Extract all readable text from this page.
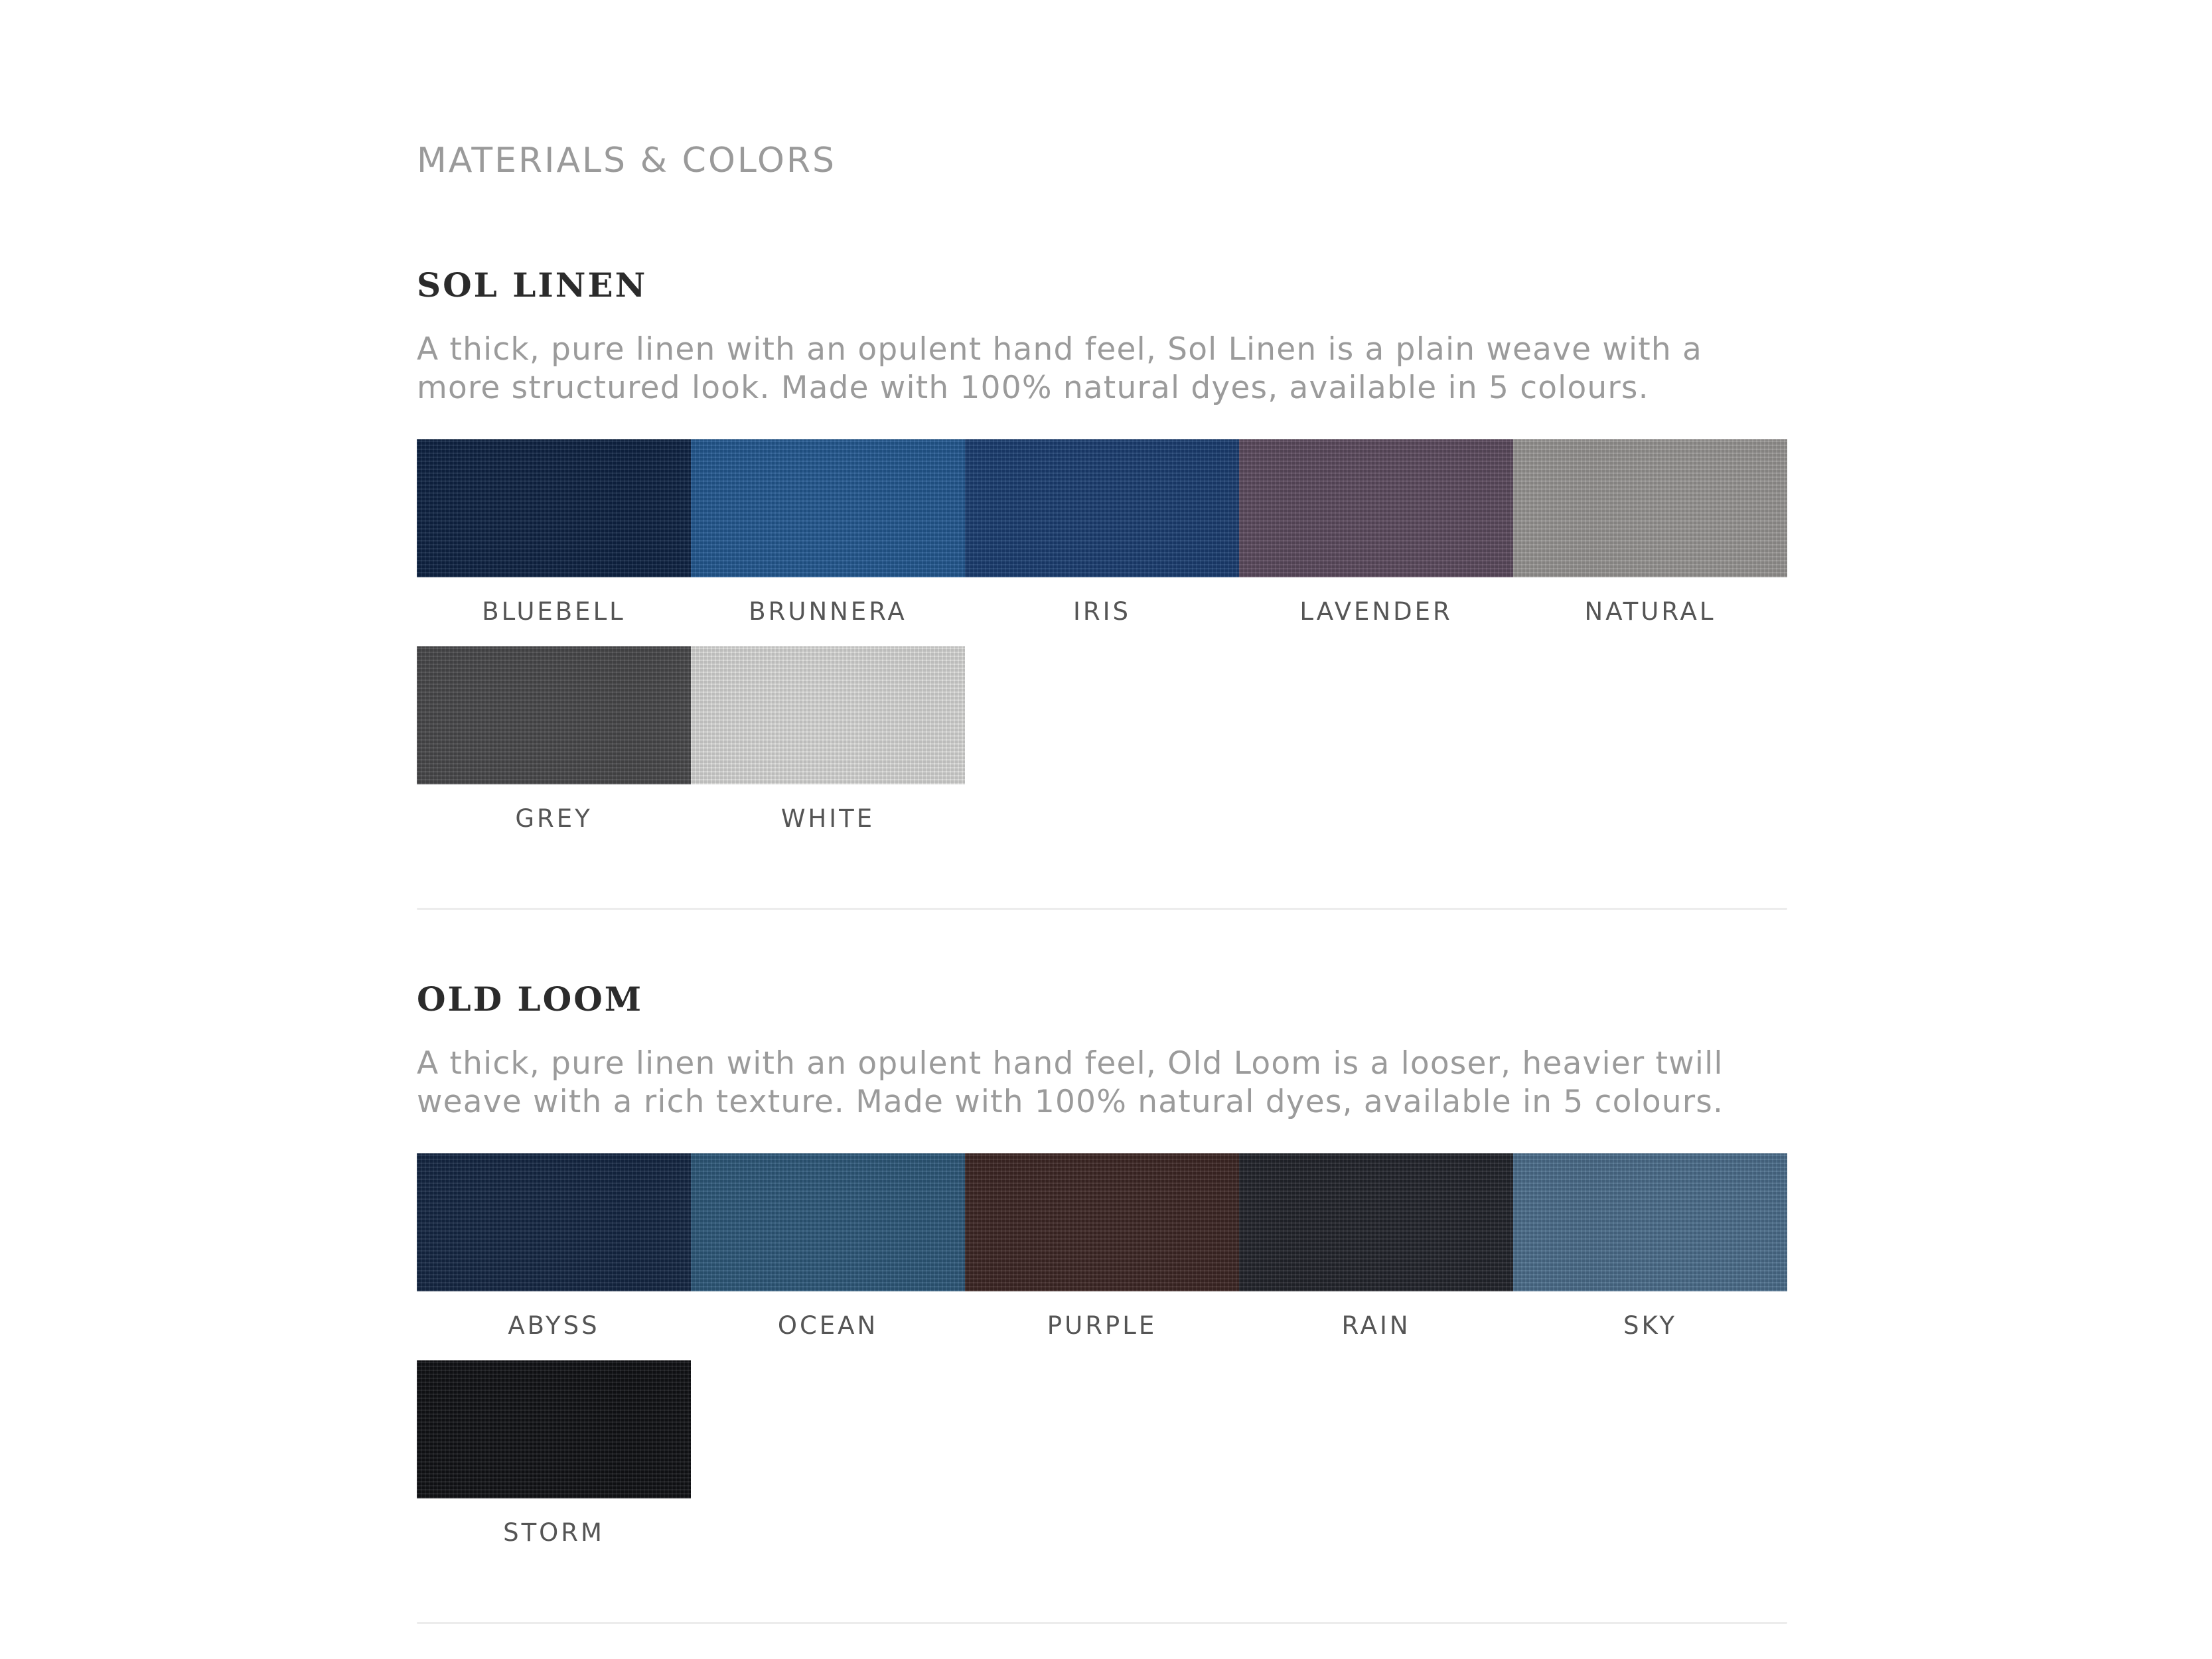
MATERIALS & COLORS
SOL LINEN

A thick, pure linen with an opulent hand feel, Sol Linen is a plain weave with a more structured look. Made with 100% natural dyes, available in 5 colours.

BLUEBELL	BRUNNERA	IRIS	LAVENDER	NATURAL
GREY	WHITE
OLD LOOM

A thick, pure linen with an opulent hand feel, Old Loom is a looser, heavier twill weave with a rich texture. Made with 100% natural dyes, available in 5 colours.

ABYSS	OCEAN	PURPLE	RAIN	SKY
STORM
